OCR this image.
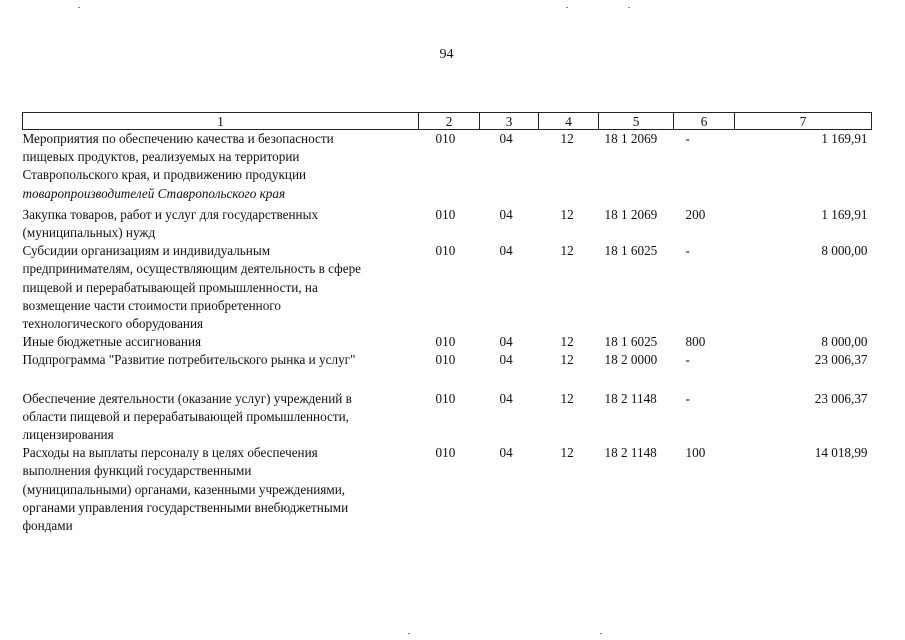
94
1	2	3	4	5	6	7

Мероприятия по обеспечению качества и безопасности
пищевых продуктов, реализуемых на территории
Ставропольского края, и продвижению продукции
товаропроизводителей Ставропольского края	010	04	12	18 1 2069	-	1 169,91

Закупка товаров, работ и услуг для государственных
(муниципальных) нужд	010	04	12	18 1 2069	200	1 169,91

Субсидии организациям и индивидуальным
предпринимателям, осуществляющим деятельность в сфере
пищевой и перерабатывающей промышленности, на
возмещение части стоимости приобретенного
технологического оборудования	010	04	12	18 1 6025	-	8 000,00

Иные бюджетные ассигнования	010	04	12	18 1 6025	800	8 000,00

Подпрограмма "Развитие потребительского рынка и услуг"	010	04	12	18 2 0000	-	23 006,37

Обеспечение деятельности (оказание услуг) учреждений в
области пищевой и перерабатывающей промышленности,
лицензирования	010	04	12	18 2 1148	-	23 006,37

Расходы на выплаты персоналу в целях обеспечения
выполнения функций государственными
(муниципальными) органами, казенными учреждениями,
органами управления государственными внебюджетными
фондами	010	04	12	18 2 1148	100	14 018,99
